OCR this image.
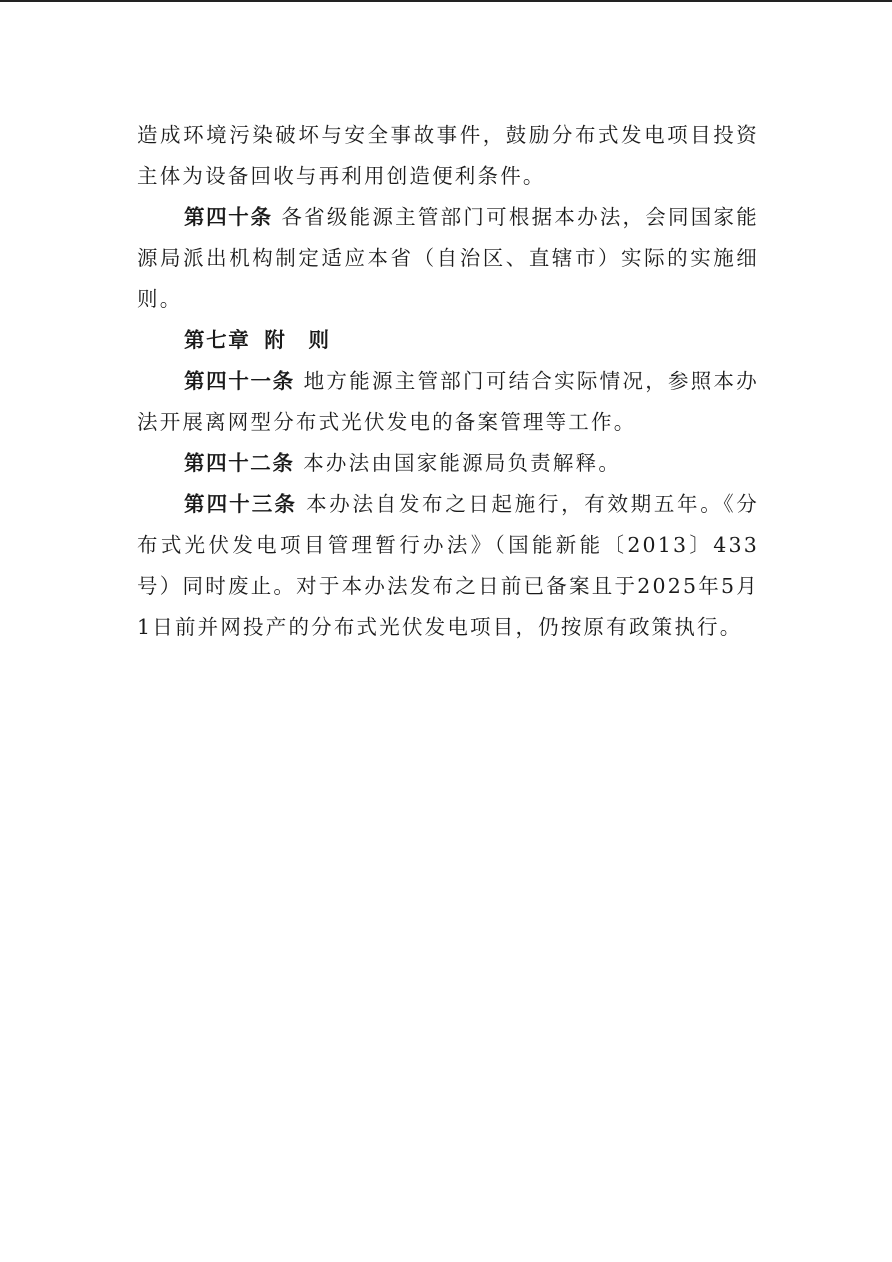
造成环境污染破坏与安全事故事件，鼓励分布式发电项目投资主体为设备回收与再利用创造便利条件。

第四十条 各省级能源主管部门可根据本办法，会同国家能源局派出机构制定适应本省（自治区、直辖市）实际的实施细则。

第七章 附　则

第四十一条 地方能源主管部门可结合实际情况，参照本办法开展离网型分布式光伏发电的备案管理等工作。

第四十二条 本办法由国家能源局负责解释。

第四十三条 本办法自发布之日起施行，有效期五年。《分布式光伏发电项目管理暂行办法》（国能新能〔2013〕433号）同时废止。对于本办法发布之日前已备案且于2025年5月1日前并网投产的分布式光伏发电项目，仍按原有政策执行。
